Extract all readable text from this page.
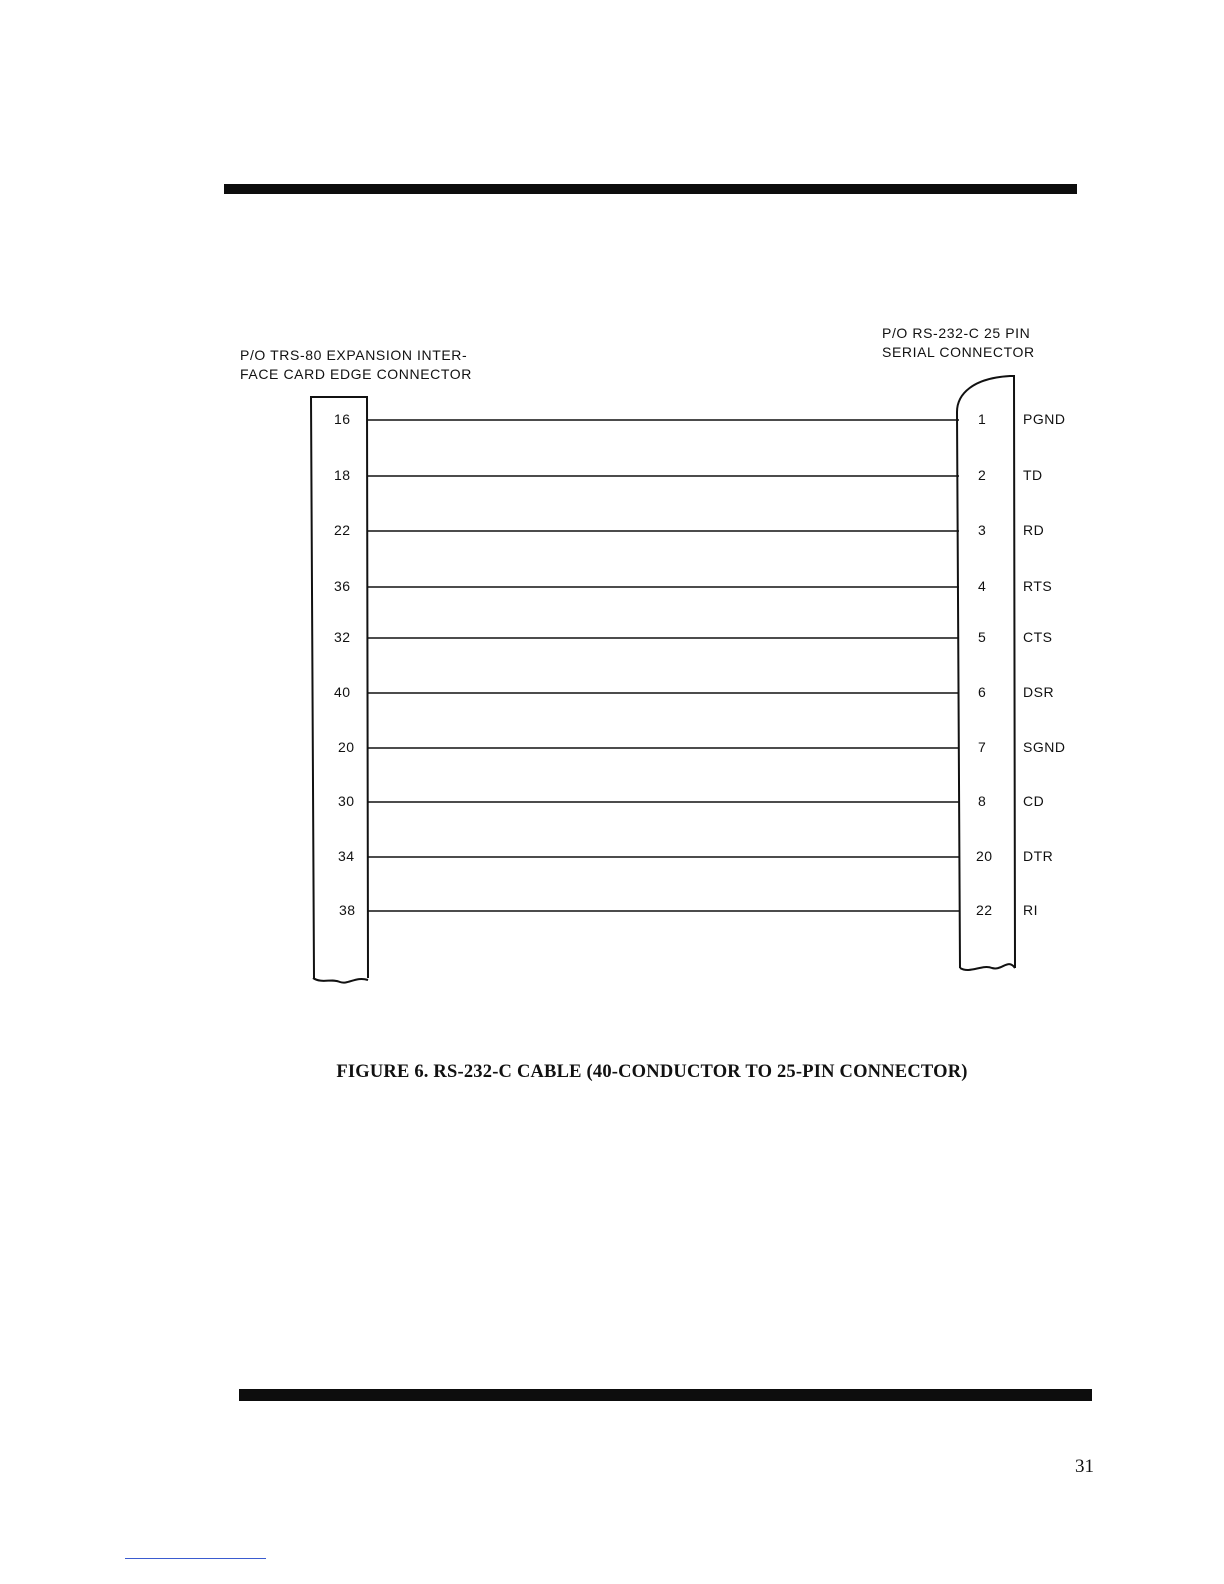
P/O TRS-80 EXPANSION INTER-
FACE CARD EDGE CONNECTOR
P/O RS-232-C 25 PIN
SERIAL CONNECTOR
16	1	PGND
18	2	TD
22	3	RD
36	4	RTS
32	5	CTS
40	6	DSR
20	7	SGND
30	8	CD
34	20 DTR
38	22 RI
FIGURE 6. RS-232-C CABLE (40-CONDUCTOR TO 25-PIN CONNECTOR)
31
